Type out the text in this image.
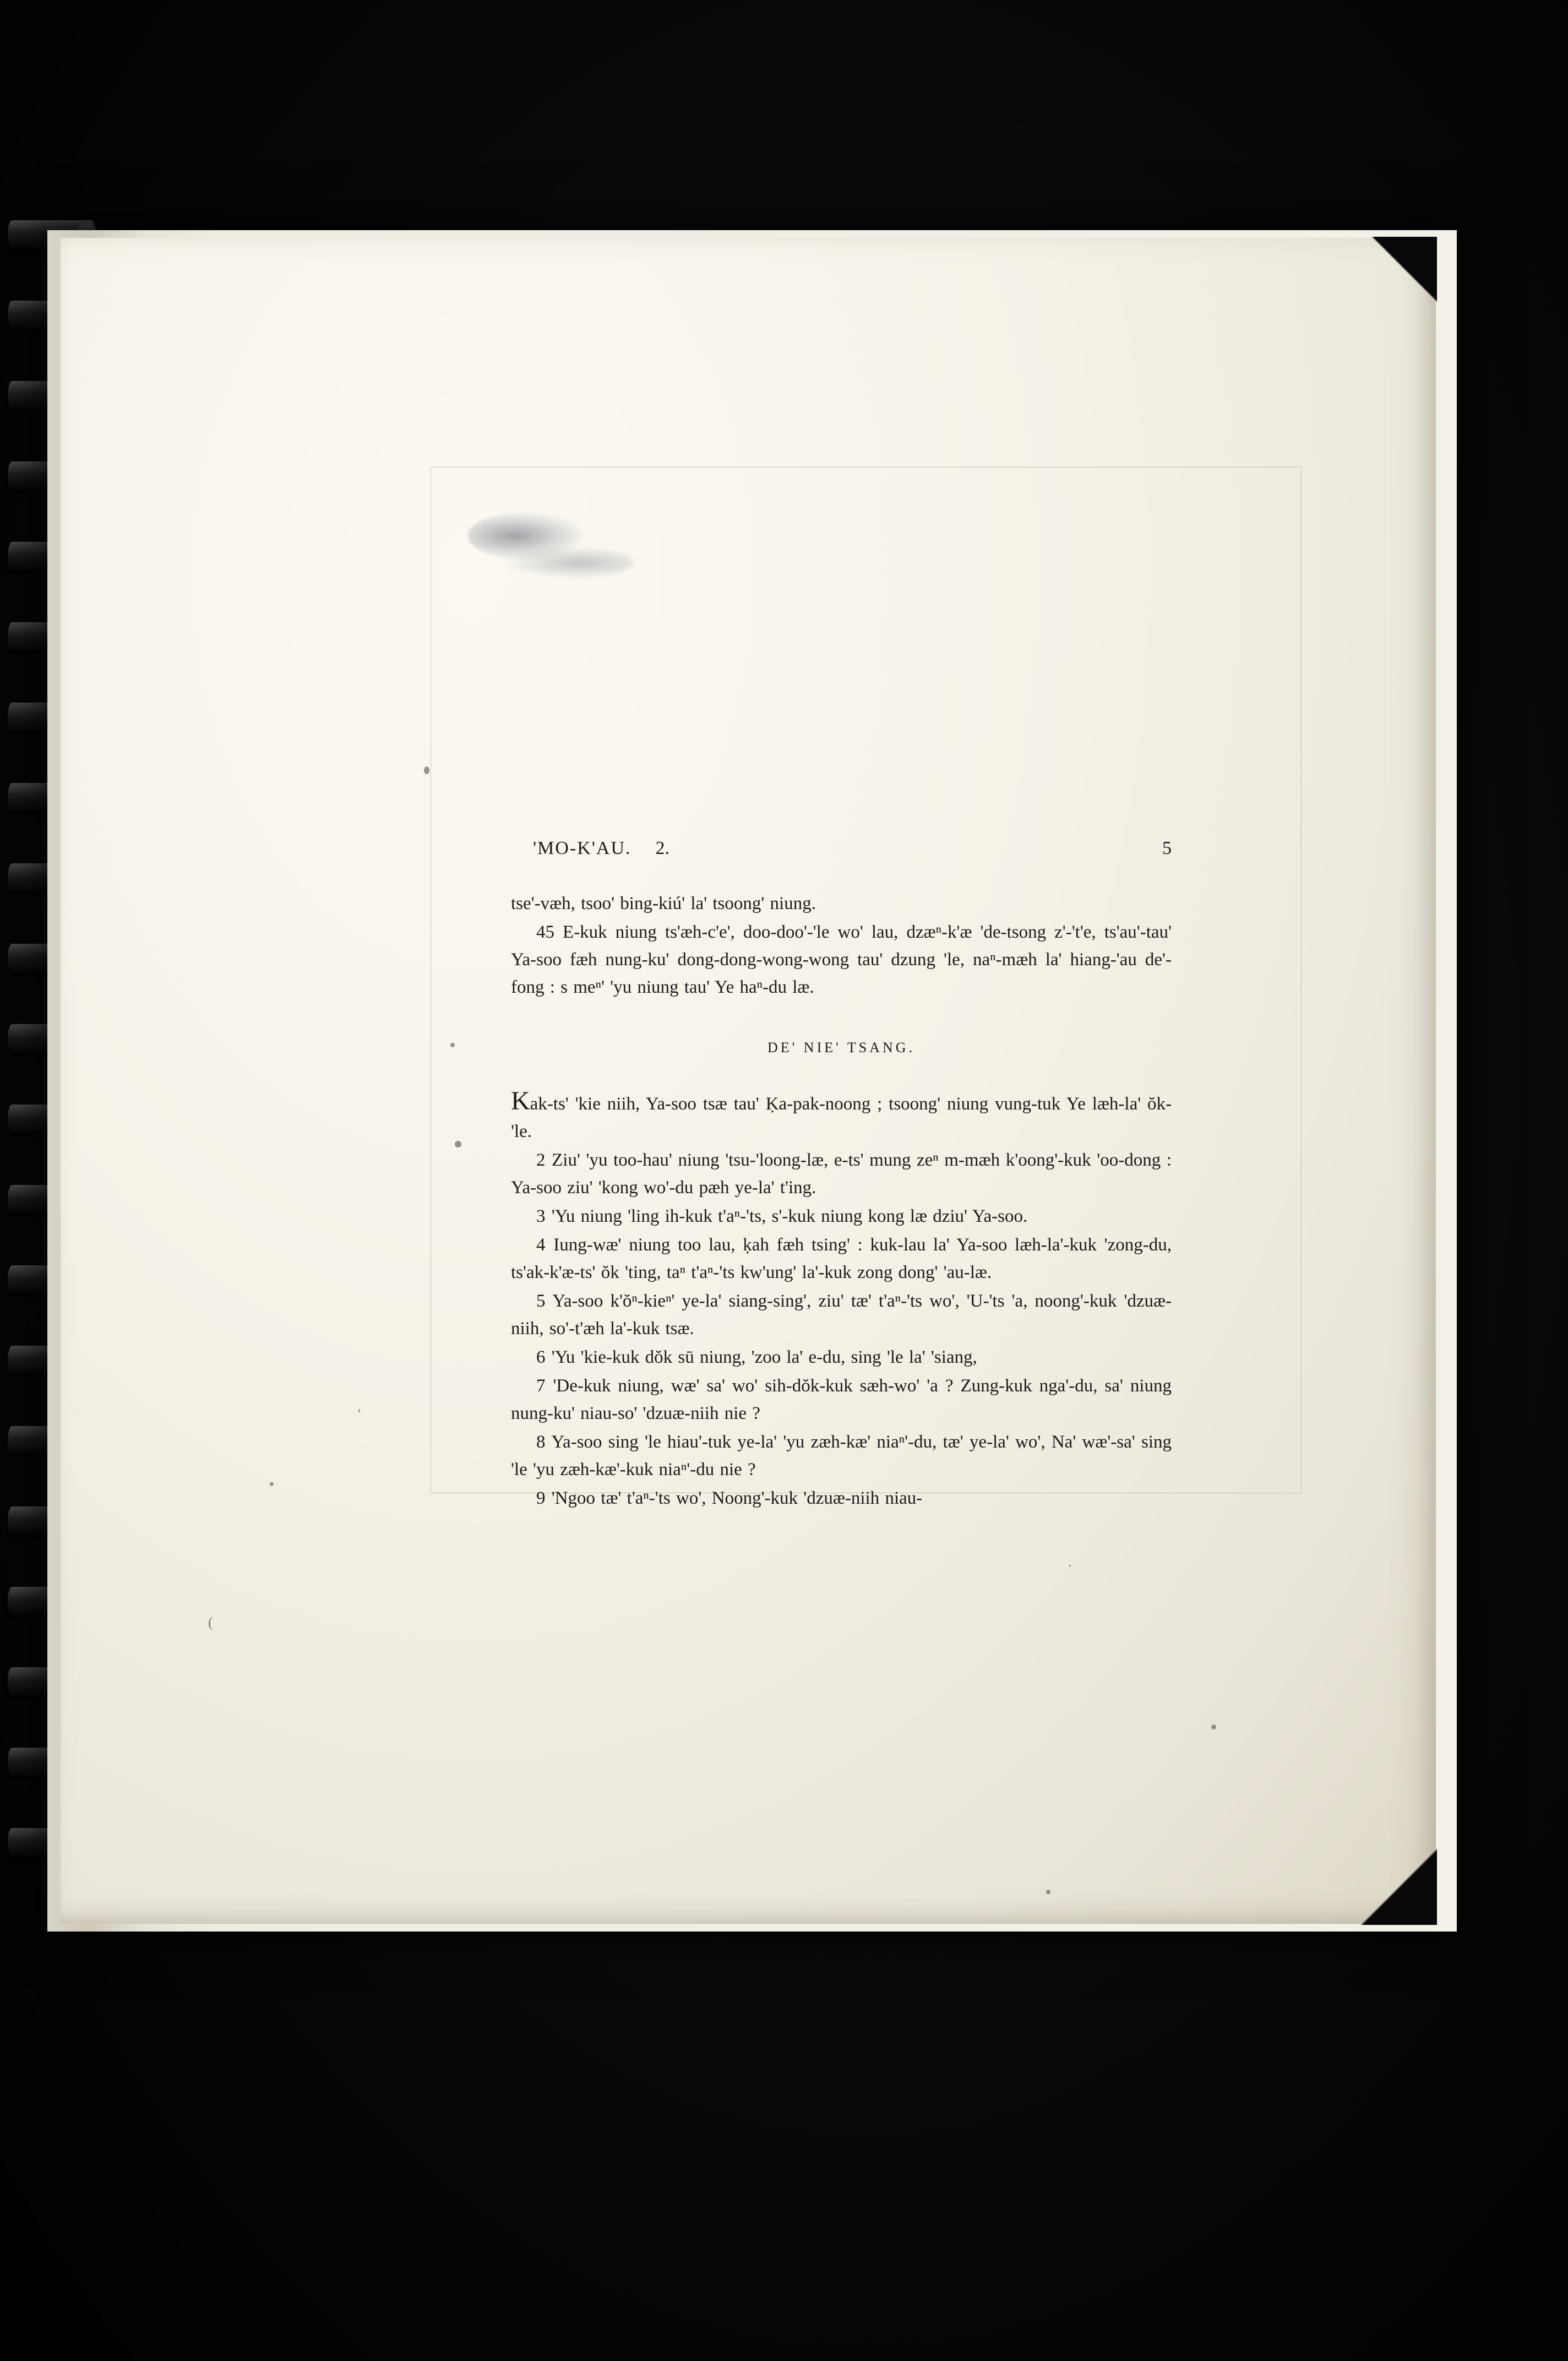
'
(
.
'MO-K'AU. 2.	5

tse'-væh, tsoo' bing-kiú' la' tsoong' niung.

45 E-kuk niung ts'æh-c'e', doo-doo'-'le wo' lau, dzæⁿ-k'æ 'de-tsong z'-'t'e, ts'au'-tau' Ya-soo fæh nung-ku' dong-dong-wong-wong tau' dzung 'le, naⁿ-mæh la' hiang-'au de'-fong : s meⁿ' 'yu niung tau' Ye haⁿ-du læ.

DE' NIE' TSANG.

Kak-ts' 'kie niih, Ya-soo tsæ tau' Ḳa-pak-noong ; tsoong' niung vung-tuk Ye læh-la' ŏk-'le.

2 Ziu' 'yu too-hau' niung 'tsu-'loong-læ, e-ts' mung zeⁿ m-mæh k'oong'-kuk 'oo-dong : Ya-soo ziu' 'kong wo'-du pæh ye-la' t'ing.

3 'Yu niung 'ling ih-kuk t'aⁿ-'ts, s'-kuk niung kong læ dziu' Ya-soo.

4 Iung-wæ' niung too lau, ḳah fæh tsing' : kuk-lau la' Ya-soo læh-la'-kuk 'zong-du, ts'ak-k'æ-ts' ŏk 'ting, taⁿ t'aⁿ-'ts kw'ung' la'-kuk zong dong' 'au-læ.

5 Ya-soo k'ŏⁿ-kieⁿ' ye-la' siang-sing', ziu' tæ' t'aⁿ-'ts wo', 'U-'ts 'a, noong'-kuk 'dzuæ-niih, so'-t'æh la'-kuk tsæ.

6 'Yu 'kie-kuk dŏk sū niung, 'zoo la' e-du, sing 'le la' 'siang,

7 'De-kuk niung, wæ' sa' wo' sih-dŏk-kuk sæh-wo' 'a ? Zung-kuk nga'-du, sa' niung nung-ku' niau-so' 'dzuæ-niih nie ?

8 Ya-soo sing 'le hiau'-tuk ye-la' 'yu zæh-kæ' niaⁿ'-du, tæ' ye-la' wo', Na' wæ'-sa' sing 'le 'yu zæh-kæ'-kuk niaⁿ'-du nie ?

9 'Ngoo tæ' t'aⁿ-'ts wo', Noong'-kuk 'dzuæ-niih niau-
